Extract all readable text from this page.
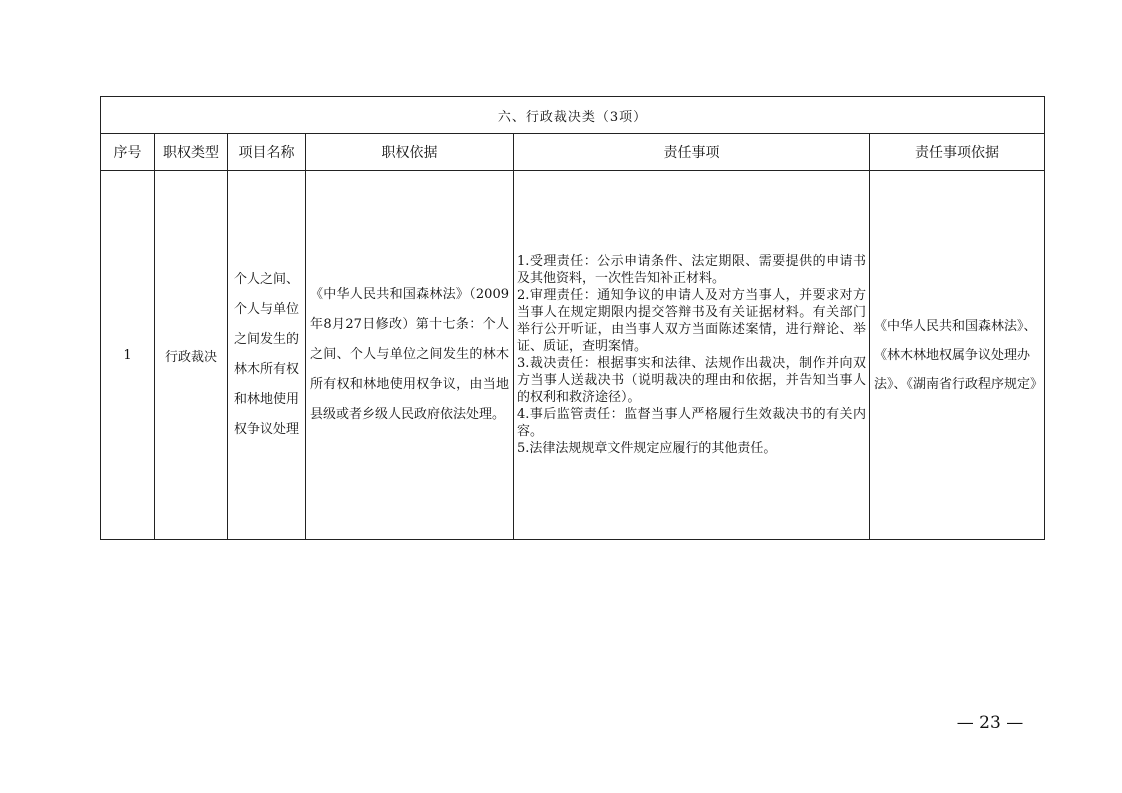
六、行政裁决类（3项）					
序号	职权类型	项目名称	职权依据	责任事项	责任事项依据
1	行政裁决	个人之间、个人与单位之间发生的林木所有权和林地使用权争议处理	《中华人民共和国森林法》（2009年8月27日修改）第十七条：个人之间、个人与单位之间发生的林木所有权和林地使用权争议，由当地县级或者乡级人民政府依法处理。	1.受理责任：公示申请条件、法定期限、需要提供的申请书及其他资料，一次性告知补正材料。
2.审理责任：通知争议的申请人及对方当事人，并要求对方当事人在规定期限内提交答辩书及有关证据材料。有关部门举行公开听证，由当事人双方当面陈述案情，进行辩论、举证、质证，查明案情。
3.裁决责任：根据事实和法律、法规作出裁决，制作并向双方当事人送裁决书（说明裁决的理由和依据，并告知当事人的权利和救济途径）。
4.事后监管责任：监督当事人严格履行生效裁决书的有关内容。
5.法律法规规章文件规定应履行的其他责任。	《中华人民共和国森林法》、《林木林地权属争议处理办法》、《湖南省行政程序规定》
— 23 —
